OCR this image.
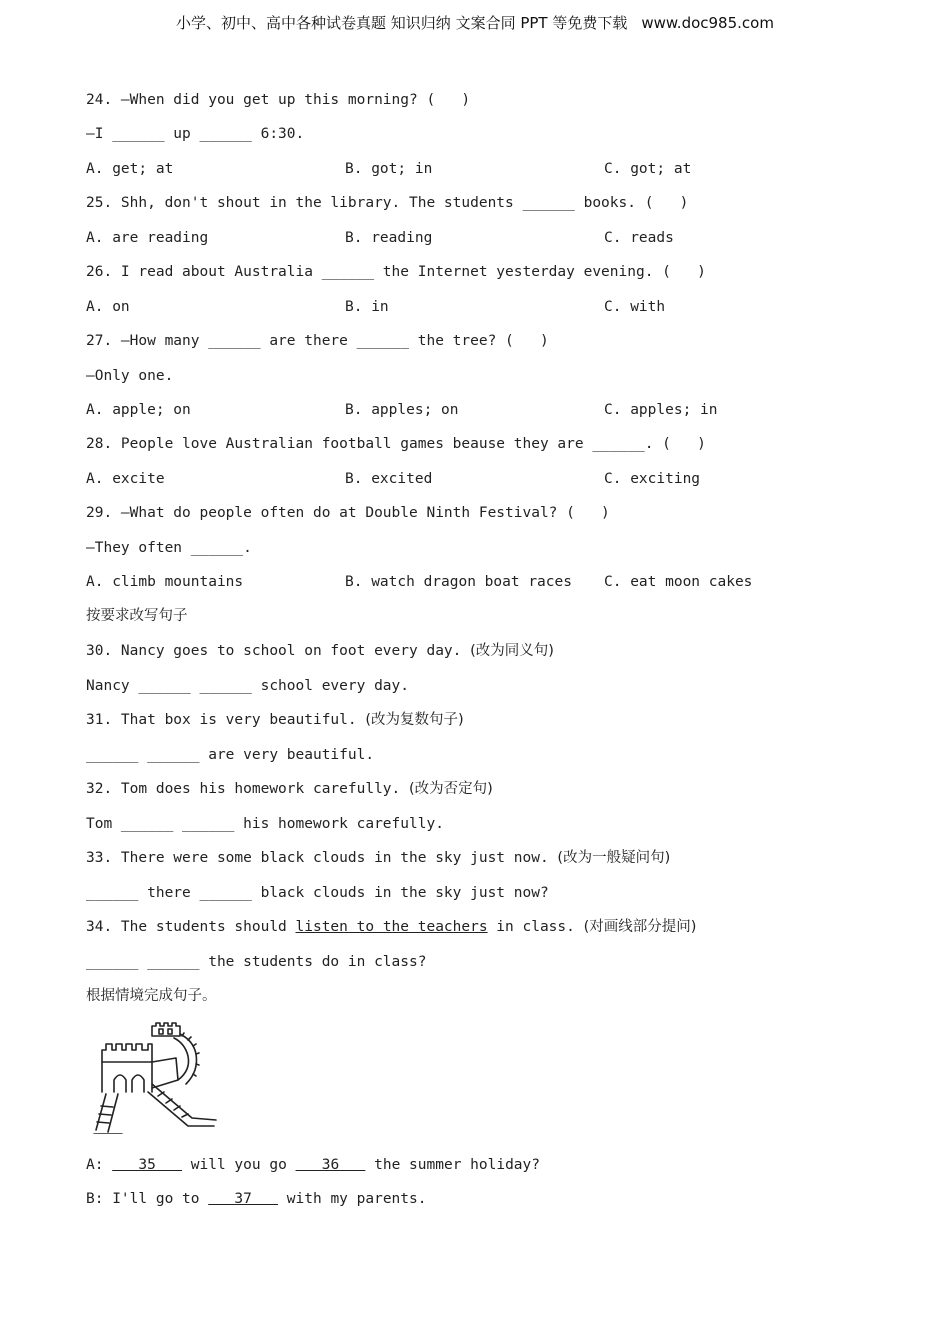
小学、初中、高中各种试卷真题 知识归纳 文案合同 PPT 等免费下载 www.doc985.com
24. —When did you get up this morning? (   )
—I ______ up ______ 6:30.
A. get; at	B. got; in	C. got; at
25. Shh, don't shout in the library. The students ______ books. (   )
A. are reading	B. reading	C. reads
26. I read about Australia ______ the Internet yesterday evening. (   )
A. on	B. in	C. with
27. —How many ______ are there ______ the tree? (   )
—Only one.
A. apple; on	B. apples; on	C. apples; in
28. People love Australian football games beause they are ______. (   )
A. excite	B. excited	C. exciting
29. —What do people often do at Double Ninth Festival? (   )
—They often ______.
A. climb mountains	B. watch dragon boat races C. eat moon cakes
按要求改写句子
30. Nancy goes to school on foot every day. (改为同义句)
Nancy ______ ______ school every day.
31. That box is very beautiful. (改为复数句子)
______ ______ are very beautiful.
32. Tom does his homework carefully. (改为否定句)
Tom ______ ______ his homework carefully.
33. There were some black clouds in the sky just now. (改为一般疑问句)
______ there ______ black clouds in the sky just now?
34. The students should listen to the teachers in class. (对画线部分提问)
______ ______ the students do in class?
根据情境完成句子。
A:    35    will you go    36    the summer holiday?
B: I'll go to    37    with my parents.
